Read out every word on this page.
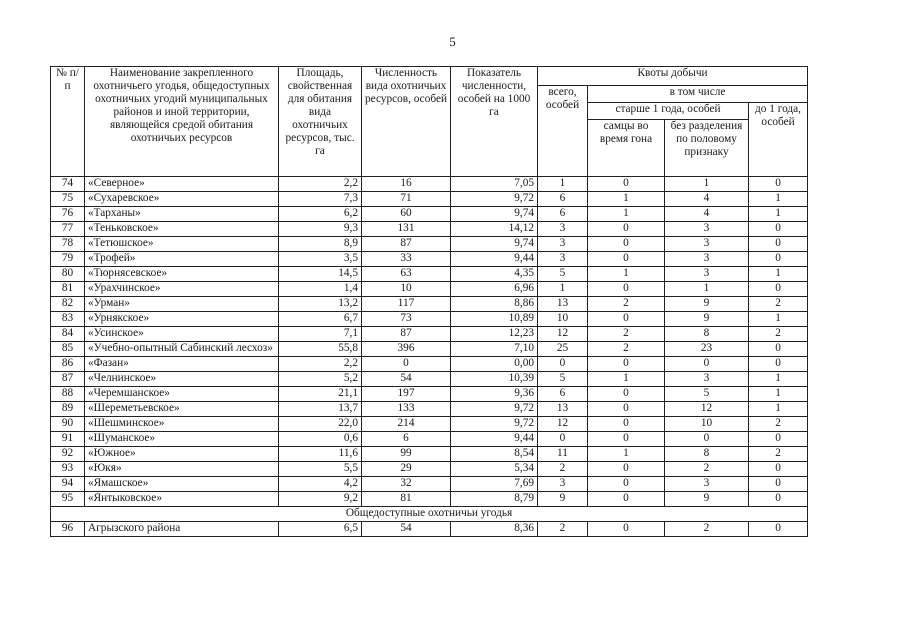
5
№ п/п	Наименование закрепленного охотничьего угодья, общедоступных охотничьих угодий муниципальных районов и иной территории, являющейся средой обитания охотничьих ресурсов	Площадь, свойственная для обитания вида охотничьих ресурсов, тыс. га	Численность вида охотничьих ресурсов, особей	Показатель численности, особей на 1000 га	Квоты добычи			
					всего, особей	в том числе		
						старше 1 года, особей		до 1 года, особей
						самцы во время гона	без разделения по половому признаку	
74	«Северное»	2,2	16	7,05	1	0	1	0
75	«Сухаревское»	7,3	71	9,72	6	1	4	1
76	«Тарханы»	6,2	60	9,74	6	1	4	1
77	«Теньковское»	9,3	131	14,12	3	0	3	0
78	«Тетюшское»	8,9	87	9,74	3	0	3	0
79	«Трофей»	3,5	33	9,44	3	0	3	0
80	«Тюрнясевское»	14,5	63	4,35	5	1	3	1
81	«Урахчинское»	1,4	10	6,96	1	0	1	0
82	«Урман»	13,2	117	8,86	13	2	9	2
83	«Урнякское»	6,7	73	10,89	10	0	9	1
84	«Усинское»	7,1	87	12,23	12	2	8	2
85	«Учебно-опытный Сабинский лесхоз»	55,8	396	7,10	25	2	23	0
86	«Фазан»	2,2	0	0,00	0	0	0	0
87	«Челнинское»	5,2	54	10,39	5	1	3	1
88	«Черемшанское»	21,1	197	9,36	6	0	5	1
89	«Шереметьевское»	13,7	133	9,72	13	0	12	1
90	«Шешминское»	22,0	214	9,72	12	0	10	2
91	«Шуманское»	0,6	6	9,44	0	0	0	0
92	«Южное»	11,6	99	8,54	11	1	8	2
93	«Юкя»	5,5	29	5,34	2	0	2	0
94	«Ямашское»	4,2	32	7,69	3	0	3	0
95	«Янтыковское»	9,2	81	8,79	9	0	9	0
Общедоступные охотничьи угодья								
96	Агрызского района	6,5	54	8,36	2	0	2	0
